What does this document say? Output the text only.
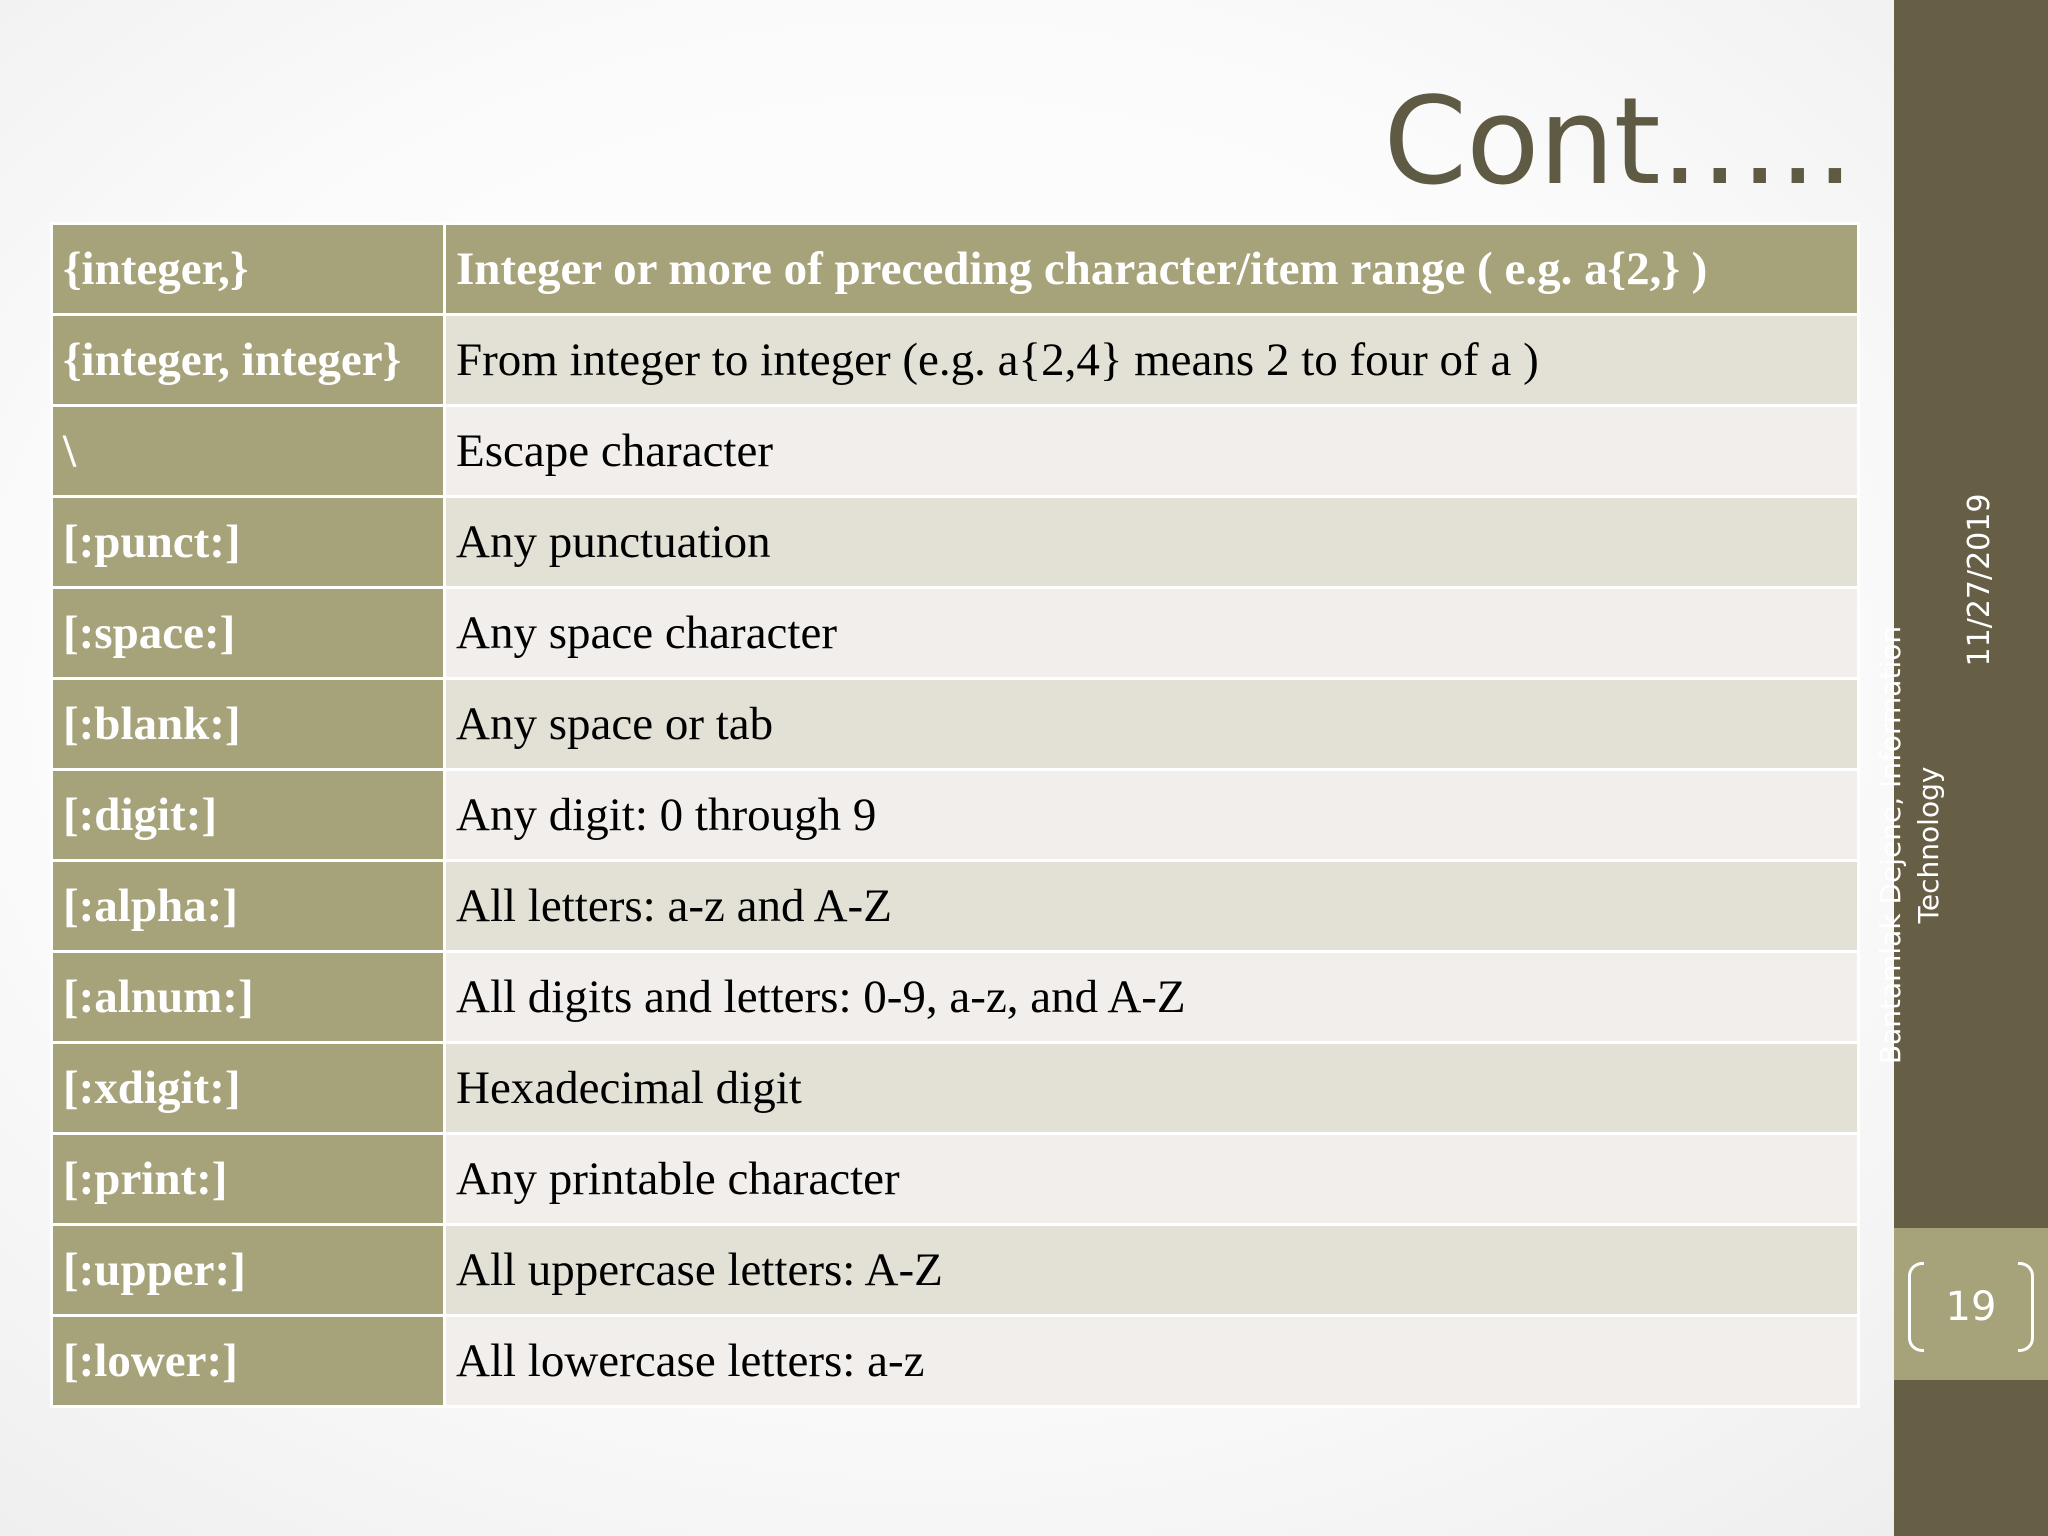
Cont…..
{integer,}	Integer or more of preceding character/item range ( e.g. a{2,} )
{integer, integer}	From integer to integer (e.g. a{2,4} means 2 to four of a )
\	Escape character
[:punct:]	Any punctuation
[:space:]	Any space character
[:blank:]	Any space or tab
[:digit:]	Any digit: 0 through 9
[:alpha:]	All letters: a-z and A-Z
[:alnum:]	All digits and letters: 0-9, a-z, and A-Z
[:xdigit:]	Hexadecimal digit
[:print:]	Any printable character
[:upper:]	All uppercase letters: A-Z
[:lower:]	All lowercase letters: a-z
11/27/2019
Bantamlak Dejene, Information Technology
19
